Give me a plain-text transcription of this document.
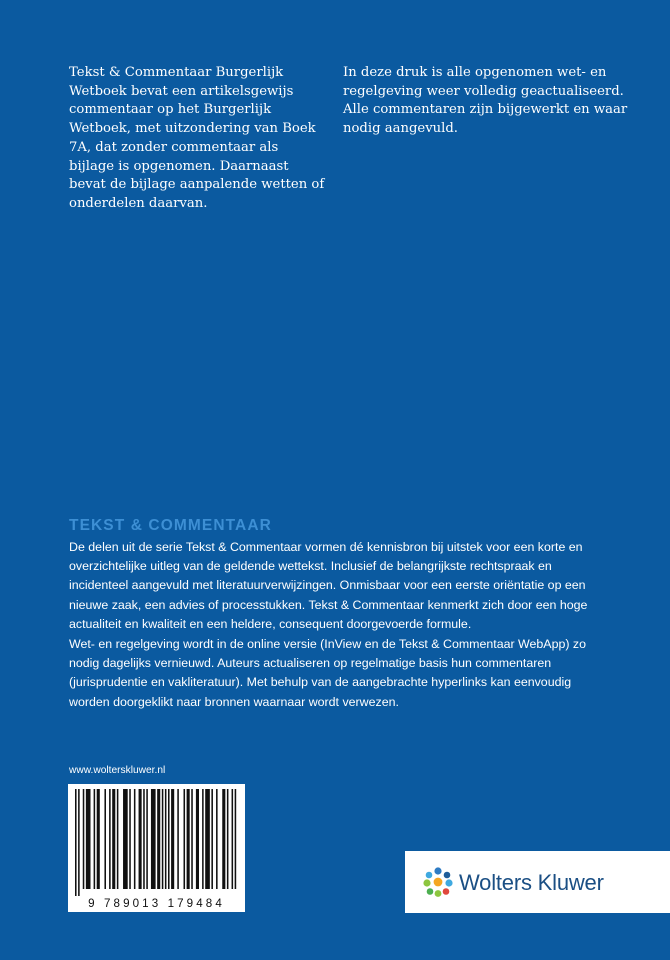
Tekst & Commentaar Burgerlijk Wetboek bevat een artikelsgewijs commentaar op het Burgerlijk Wetboek, met uitzondering van Boek 7A, dat zonder commentaar als bijlage is opgenomen. Daarnaast bevat de bijlage aanpalende wetten of onderdelen daarvan.

In deze druk is alle opgenomen wet- en regelgeving weer volledig geactualiseerd. Alle commentaren zijn bijgewerkt en waar nodig aangevuld.

TEKST & COMMENTAAR

De delen uit de serie Tekst & Commentaar vormen dé kennisbron bij uitstek voor een korte en overzichtelijke uitleg van de geldende wettekst. Inclusief de belangrijkste rechtspraak en incidenteel aangevuld met literatuurverwijzingen. Onmisbaar voor een eerste oriëntatie op een nieuwe zaak, een advies of processtukken. Tekst & Commentaar kenmerkt zich door een hoge actualiteit en kwaliteit en een heldere, consequent doorgevoerde formule.

Wet- en regelgeving wordt in de online versie (InView en de Tekst & Commentaar WebApp) zo nodig dagelijks vernieuwd. Auteurs actualiseren op regelmatige basis hun commentaren (jurisprudentie en vakliteratuur). Met behulp van de aangebrachte hyperlinks kan eenvoudig worden doorgeklikt naar bronnen waarnaar wordt verwezen.

www.wolterskluwer.nl
9 789013 179484
Wolters Kluwer
